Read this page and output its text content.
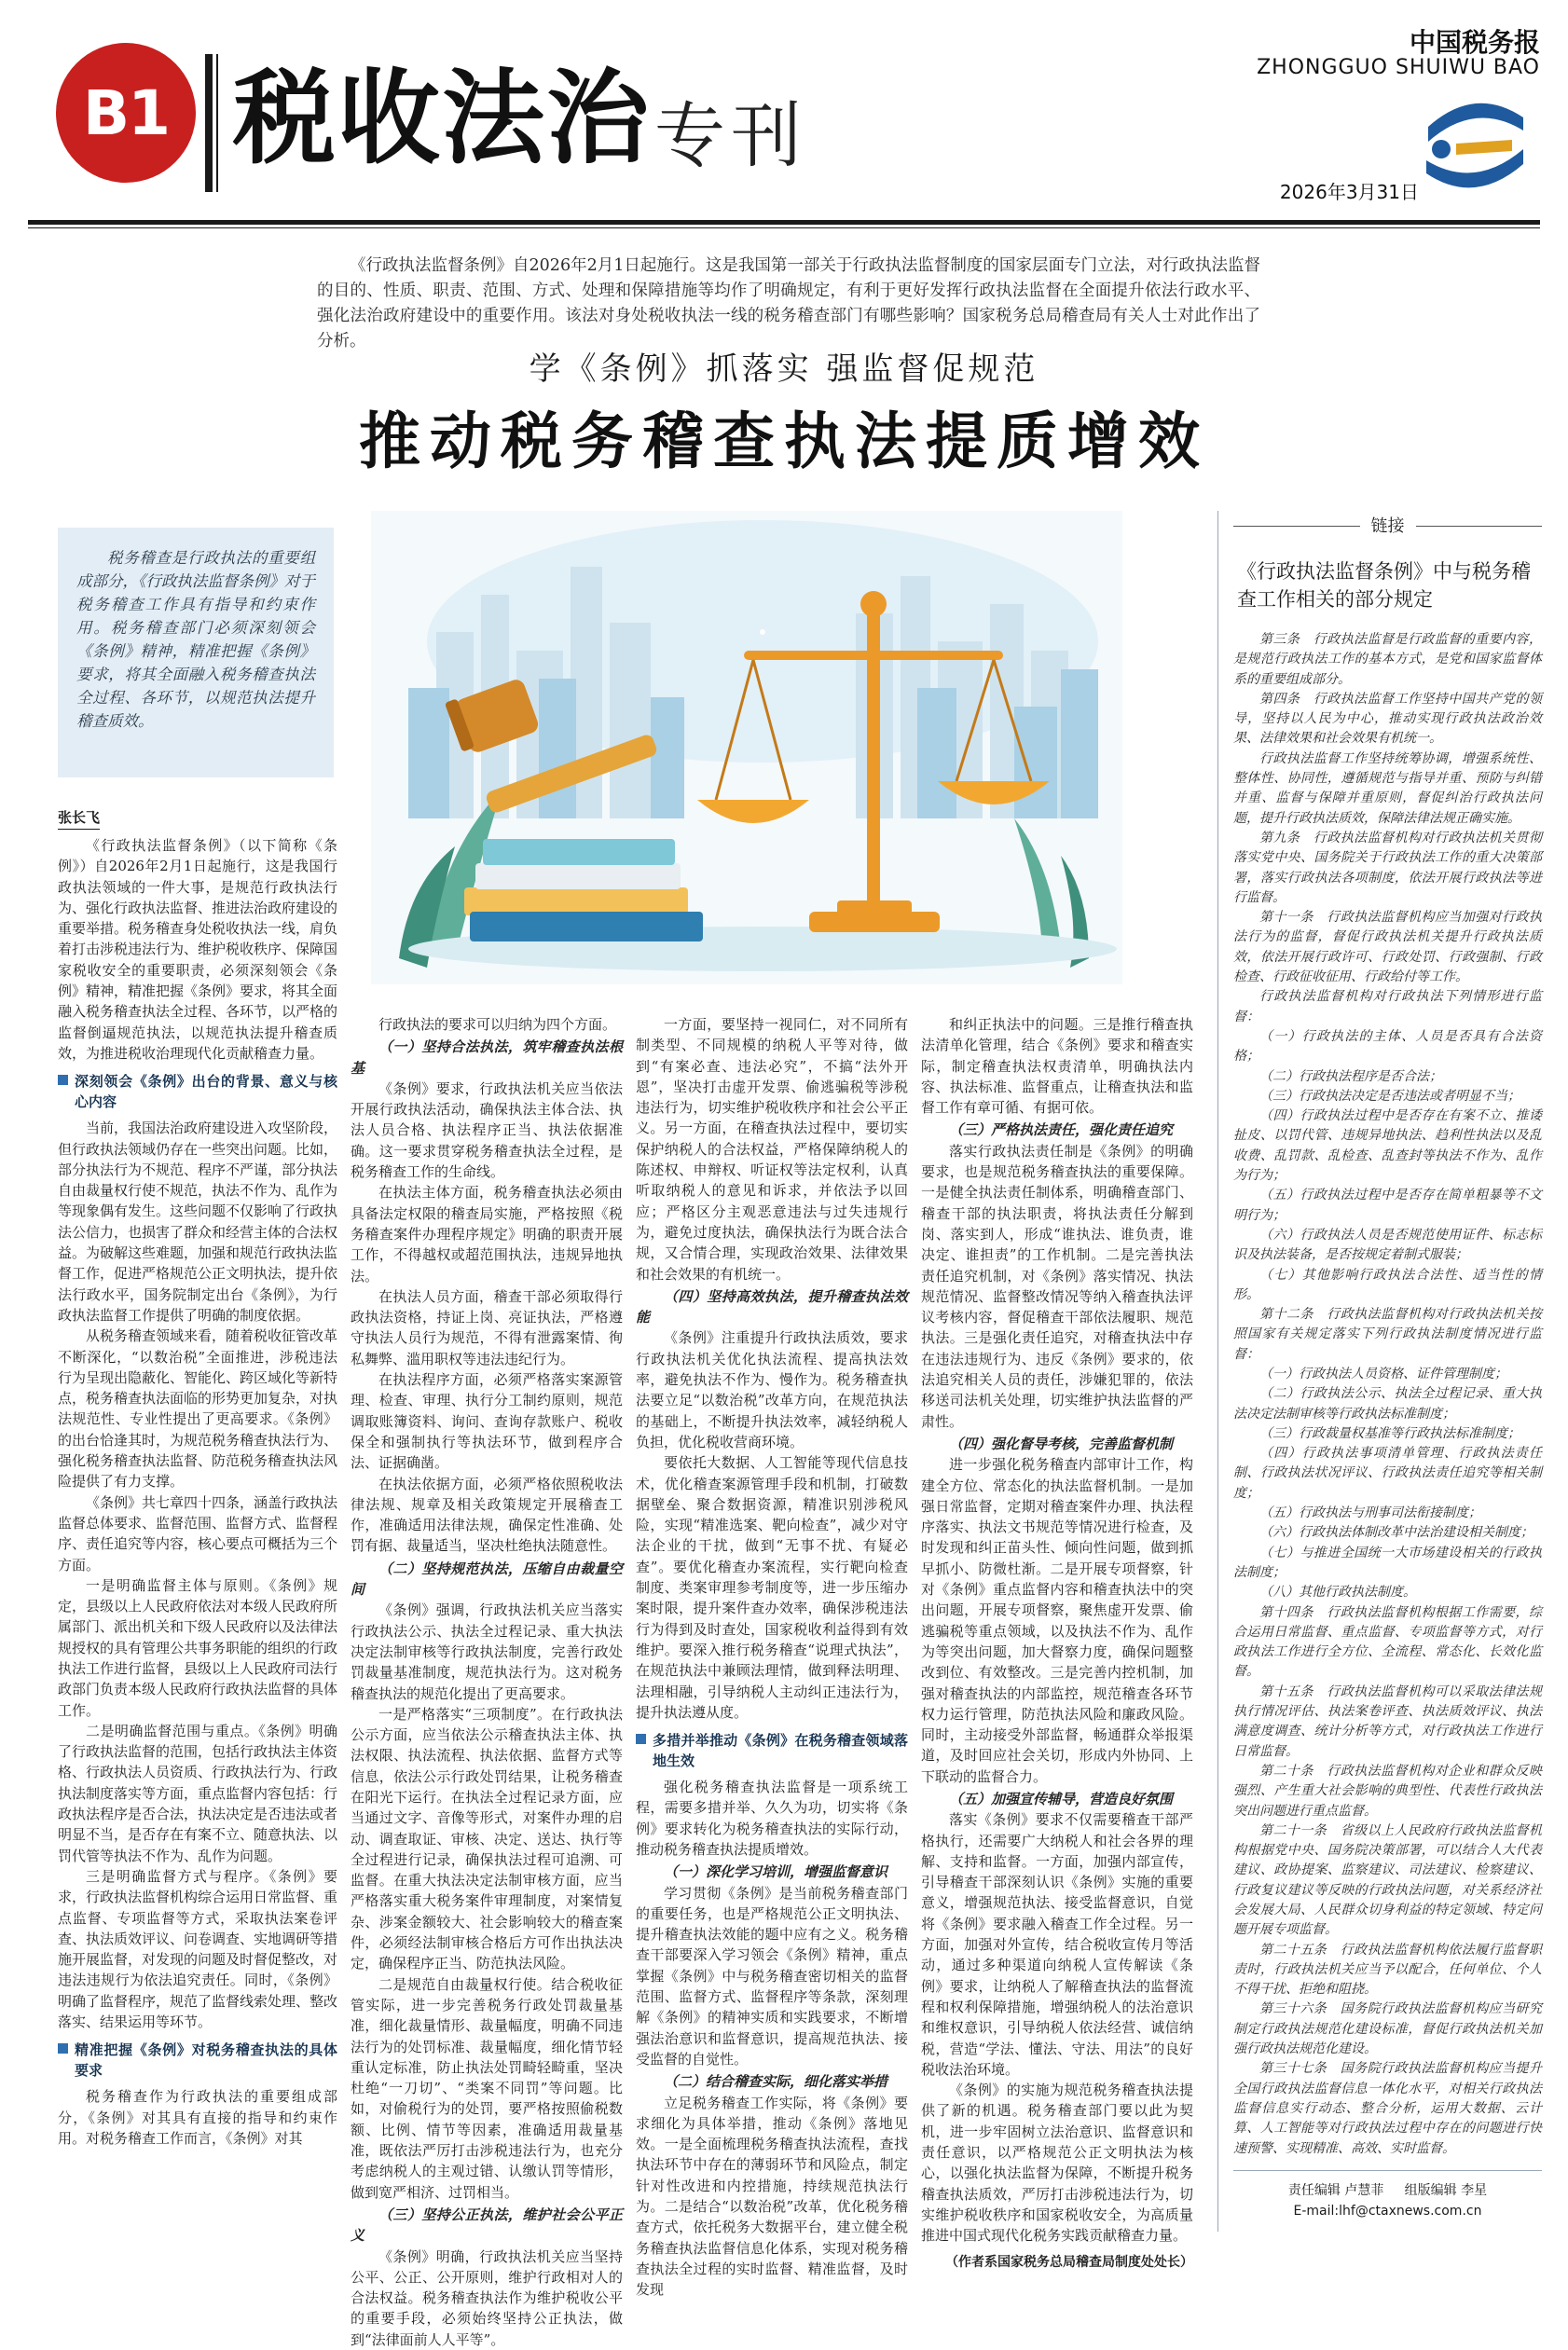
B1 税收法治 专刊
中国税务报
ZHONGGUO SHUIWU BAO
2026年3月31日
《行政执法监督条例》自2026年2月1日起施行。这是我国第一部关于行政执法监督制度的国家层面专门立法，对行政执法监督的目的、性质、职责、范围、方式、处理和保障措施等均作了明确规定，有利于更好发挥行政执法监督在全面提升依法行政水平、强化法治政府建设中的重要作用。该法对身处税收执法一线的税务稽查部门有哪些影响？国家税务总局稽查局有关人士对此作出了分析。
学《条例》抓落实 强监督促规范
推动税务稽查执法提质增效
税务稽查是行政执法的重要组成部分，《行政执法监督条例》对于税务稽查工作具有指导和约束作用。税务稽查部门必须深刻领会《条例》精神，精准把握《条例》要求，将其全面融入税务稽查执法全过程、各环节，以规范执法提升稽查质效。
张长飞

《行政执法监督条例》（以下简称《条例》）自2026年2月1日起施行，这是我国行政执法领域的一件大事，是规范行政执法行为、强化行政执法监督、推进法治政府建设的重要举措。税务稽查身处税收执法一线，肩负着打击涉税违法行为、维护税收秩序、保障国家税收安全的重要职责，必须深刻领会《条例》精神，精准把握《条例》要求，将其全面融入税务稽查执法全过程、各环节，以严格的监督倒逼规范执法，以规范执法提升稽查质效，为推进税收治理现代化贡献稽查力量。

深刻领会《条例》出台的背景、意义与核心内容

当前，我国法治政府建设进入攻坚阶段，但行政执法领域仍存在一些突出问题。比如，部分执法行为不规范、程序不严谨，部分执法自由裁量权行使不规范，执法不作为、乱作为等现象偶有发生。这些问题不仅影响了行政执法公信力，也损害了群众和经营主体的合法权益。为破解这些难题，加强和规范行政执法监督工作，促进严格规范公正文明执法，提升依法行政水平，国务院制定出台《条例》，为行政执法监督工作提供了明确的制度依据。

从税务稽查领域来看，随着税收征管改革不断深化，“以数治税”全面推进，涉税违法行为呈现出隐蔽化、智能化、跨区域化等新特点，税务稽查执法面临的形势更加复杂，对执法规范性、专业性提出了更高要求。《条例》的出台恰逢其时，为规范税务稽查执法行为、强化税务稽查执法监督、防范税务稽查执法风险提供了有力支撑。

《条例》共七章四十四条，涵盖行政执法监督总体要求、监督范围、监督方式、监督程序、责任追究等内容，核心要点可概括为三个方面。

一是明确监督主体与原则。《条例》规定，县级以上人民政府依法对本级人民政府所属部门、派出机关和下级人民政府以及法律法规授权的具有管理公共事务职能的组织的行政执法工作进行监督，县级以上人民政府司法行政部门负责本级人民政府行政执法监督的具体工作。

二是明确监督范围与重点。《条例》明确了行政执法监督的范围，包括行政执法主体资格、行政执法人员资质、行政执法行为、行政执法制度落实等方面，重点监督内容包括：行政执法程序是否合法，执法决定是否违法或者明显不当，是否存在有案不立、随意执法、以罚代管等执法不作为、乱作为问题。

三是明确监督方式与程序。《条例》要求，行政执法监督机构综合运用日常监督、重点监督、专项监督等方式，采取执法案卷评查、执法质效评议、问卷调查、实地调研等措施开展监督，对发现的问题及时督促整改，对违法违规行为依法追究责任。同时，《条例》明确了监督程序，规范了监督线索处理、整改落实、结果运用等环节。

精准把握《条例》对税务稽查执法的具体要求

税务稽查作为行政执法的重要组成部分，《条例》对其具有直接的指导和约束作用。对税务稽查工作而言，《条例》对其

行政执法的要求可以归纳为四个方面。

（一）坚持合法执法，筑牢稽查执法根基

《条例》要求，行政执法机关应当依法开展行政执法活动，确保执法主体合法、执法人员合格、执法程序正当、执法依据准确。这一要求贯穿税务稽查执法全过程，是税务稽查工作的生命线。

在执法主体方面，税务稽查执法必须由具备法定权限的稽查局实施，严格按照《税务稽查案件办理程序规定》明确的职责开展工作，不得越权或超范围执法，违规异地执法。

在执法人员方面，稽查干部必须取得行政执法资格，持证上岗、亮证执法，严格遵守执法人员行为规范，不得有泄露案情、徇私舞弊、滥用职权等违法违纪行为。

在执法程序方面，必须严格落实案源管理、检查、审理、执行分工制约原则，规范调取账簿资料、询问、查询存款账户、税收保全和强制执行等执法环节，做到程序合法、证据确凿。

在执法依据方面，必须严格依照税收法律法规、规章及相关政策规定开展稽查工作，准确适用法律法规，确保定性准确、处罚有据、裁量适当，坚决杜绝执法随意性。

（二）坚持规范执法，压缩自由裁量空间

《条例》强调，行政执法机关应当落实行政执法公示、执法全过程记录、重大执法决定法制审核等行政执法制度，完善行政处罚裁量基准制度，规范执法行为。这对税务稽查执法的规范化提出了更高要求。

一是严格落实“三项制度”。在行政执法公示方面，应当依法公示稽查执法主体、执法权限、执法流程、执法依据、监督方式等信息，依法公示行政处罚结果，让税务稽查在阳光下运行。在执法全过程记录方面，应当通过文字、音像等形式，对案件办理的启动、调查取证、审核、决定、送达、执行等全过程进行记录，确保执法过程可追溯、可监督。在重大执法决定法制审核方面，应当严格落实重大税务案件审理制度，对案情复杂、涉案金额较大、社会影响较大的稽查案件，必须经法制审核合格后方可作出执法决定，确保程序正当、防范执法风险。

二是规范自由裁量权行使。结合税收征管实际，进一步完善税务行政处罚裁量基准，细化裁量情形、裁量幅度，明确不同违法行为的处罚标准、裁量幅度，细化情节轻重认定标准，防止执法处罚畸轻畸重，坚决杜绝“一刀切”、“类案不同罚”等问题。比如，对偷税行为的处罚，要严格按照偷税数额、比例、情节等因素，准确适用裁量基准，既依法严厉打击涉税违法行为，也充分考虑纳税人的主观过错、认缴认罚等情形，做到宽严相济、过罚相当。

（三）坚持公正执法，维护社会公平正义

《条例》明确，行政执法机关应当坚持公平、公正、公开原则，维护行政相对人的合法权益。税务稽查执法作为维护税收公平的重要手段，必须始终坚持公正执法，做到“法律面前人人平等”。

一方面，要坚持一视同仁，对不同所有制类型、不同规模的纳税人平等对待，做到“有案必查、违法必究”，不搞“法外开恩”，坚决打击虚开发票、偷逃骗税等涉税违法行为，切实维护税收秩序和社会公平正义。另一方面，在稽查执法过程中，要切实保护纳税人的合法权益，严格保障纳税人的陈述权、申辩权、听证权等法定权利，认真听取纳税人的意见和诉求，并依法予以回应；严格区分主观恶意违法与过失违规行为，避免过度执法，确保执法行为既合法合规，又合情合理，实现政治效果、法律效果和社会效果的有机统一。

（四）坚持高效执法，提升稽查执法效能

《条例》注重提升行政执法质效，要求行政执法机关优化执法流程、提高执法效率，避免执法不作为、慢作为。税务稽查执法要立足“以数治税”改革方向，在规范执法的基础上，不断提升执法效率，减轻纳税人负担，优化税收营商环境。

要依托大数据、人工智能等现代信息技术，优化稽查案源管理手段和机制，打破数据壁垒、聚合数据资源，精准识别涉税风险，实现“精准选案、靶向检查”，减少对守法企业的干扰，做到“无事不扰、有疑必查”。要优化稽查办案流程，实行靶向检查制度、类案审理参考制度等，进一步压缩办案时限，提升案件查办效率，确保涉税违法行为得到及时查处，国家税收利益得到有效维护。要深入推行税务稽查“说理式执法”，在规范执法中兼顾法理情，做到释法明理、法理相融，引导纳税人主动纠正违法行为，提升执法遵从度。

多措并举推动《条例》在税务稽查领域落地生效

强化税务稽查执法监督是一项系统工程，需要多措并举、久久为功，切实将《条例》要求转化为税务稽查执法的实际行动，推动税务稽查执法提质增效。

（一）深化学习培训，增强监督意识

学习贯彻《条例》是当前税务稽查部门的重要任务，也是严格规范公正文明执法、提升稽查执法效能的题中应有之义。税务稽查干部要深入学习领会《条例》精神，重点掌握《条例》中与税务稽查密切相关的监督范围、监督方式、监督程序等条款，深刻理解《条例》的精神实质和实践要求，不断增强法治意识和监督意识，提高规范执法、接受监督的自觉性。

（二）结合稽查实际，细化落实举措

立足税务稽查工作实际，将《条例》要求细化为具体举措，推动《条例》落地见效。一是全面梳理税务稽查执法流程，查找执法环节中存在的薄弱环节和风险点，制定针对性改进和内控措施，持续规范执法行为。二是结合“以数治税”改革，优化税务稽查方式，依托税务大数据平台，建立健全税务稽查执法监督信息化体系，实现对税务稽查执法全过程的实时监督、精准监督，及时发现

和纠正执法中的问题。三是推行稽查执法清单化管理，结合《条例》要求和稽查实际，制定稽查执法权责清单，明确执法内容、执法标准、监督重点，让稽查执法和监督工作有章可循、有据可依。

（三）严格执法责任，强化责任追究

落实行政执法责任制是《条例》的明确要求，也是规范税务稽查执法的重要保障。一是健全执法责任制体系，明确稽查部门、稽查干部的执法职责，将执法责任分解到岗、落实到人，形成“谁执法、谁负责，谁决定、谁担责”的工作机制。二是完善执法责任追究机制，对《条例》落实情况、执法规范情况、监督整改情况等纳入稽查执法评议考核内容，督促稽查干部依法履职、规范执法。三是强化责任追究，对稽查执法中存在违法违规行为、违反《条例》要求的，依法追究相关人员的责任，涉嫌犯罪的，依法移送司法机关处理，切实维护执法监督的严肃性。

（四）强化督导考核，完善监督机制

进一步强化税务稽查内部审计工作，构建全方位、常态化的执法监督机制。一是加强日常监督，定期对稽查案件办理、执法程序落实、执法文书规范等情况进行检查，及时发现和纠正苗头性、倾向性问题，做到抓早抓小、防微杜渐。二是开展专项督察，针对《条例》重点监督内容和稽查执法中的突出问题，开展专项督察，聚焦虚开发票、偷逃骗税等重点领域，以及执法不作为、乱作为等突出问题，加大督察力度，确保问题整改到位、有效整改。三是完善内控机制，加强对稽查执法的内部监控，规范稽查各环节权力运行管理，防范执法风险和廉政风险。同时，主动接受外部监督，畅通群众举报渠道，及时回应社会关切，形成内外协同、上下联动的监督合力。

（五）加强宣传辅导，营造良好氛围

落实《条例》要求不仅需要稽查干部严格执行，还需要广大纳税人和社会各界的理解、支持和监督。一方面，加强内部宣传，引导稽查干部深刻认识《条例》实施的重要意义，增强规范执法、接受监督意识，自觉将《条例》要求融入稽查工作全过程。另一方面，加强对外宣传，结合税收宣传月等活动，通过多种渠道向纳税人宣传解读《条例》要求，让纳税人了解稽查执法的监督流程和权利保障措施，增强纳税人的法治意识和维权意识，引导纳税人依法经营、诚信纳税，营造“学法、懂法、守法、用法”的良好税收法治环境。

《条例》的实施为规范税务稽查执法提供了新的机遇。税务稽查部门要以此为契机，进一步牢固树立法治意识、监督意识和责任意识，以严格规范公正文明执法为核心，以强化执法监督为保障，不断提升税务稽查执法质效，严厉打击涉税违法行为，切实维护税收秩序和国家税收安全，为高质量推进中国式现代化税务实践贡献稽查力量。

（作者系国家税务总局稽查局制度处处长）

链接
《行政执法监督条例》中与税务稽查工作相关的部分规定

第三条　行政执法监督是行政监督的重要内容，是规范行政执法工作的基本方式，是党和国家监督体系的重要组成部分。

第四条　行政执法监督工作坚持中国共产党的领导，坚持以人民为中心，推动实现行政执法政治效果、法律效果和社会效果有机统一。

行政执法监督工作坚持统筹协调，增强系统性、整体性、协同性，遵循规范与指导并重、预防与纠错并重、监督与保障并重原则，督促纠治行政执法问题，提升行政执法质效，保障法律法规正确实施。

第九条　行政执法监督机构对行政执法机关贯彻落实党中央、国务院关于行政执法工作的重大决策部署，落实行政执法各项制度，依法开展行政执法等进行监督。

第十一条　行政执法监督机构应当加强对行政执法行为的监督，督促行政执法机关提升行政执法质效，依法开展行政许可、行政处罚、行政强制、行政检查、行政征收征用、行政给付等工作。

行政执法监督机构对行政执法下列情形进行监督：

（一）行政执法的主体、人员是否具有合法资格；

（二）行政执法程序是否合法；

（三）行政执法决定是否违法或者明显不当；

（四）行政执法过程中是否存在有案不立、推诿扯皮、以罚代管、违规异地执法、趋利性执法以及乱收费、乱罚款、乱检查、乱查封等执法不作为、乱作为行为；

（五）行政执法过程中是否存在简单粗暴等不文明行为；

（六）行政执法人员是否规范使用证件、标志标识及执法装备，是否按规定着制式服装；

（七）其他影响行政执法合法性、适当性的情形。

第十二条　行政执法监督机构对行政执法机关按照国家有关规定落实下列行政执法制度情况进行监督：

（一）行政执法人员资格、证件管理制度；

（二）行政执法公示、执法全过程记录、重大执法决定法制审核等行政执法标准制度；

（三）行政裁量权基准等行政执法标准制度；

（四）行政执法事项清单管理、行政执法责任制、行政执法状况评议、行政执法责任追究等相关制度；

（五）行政执法与刑事司法衔接制度；

（六）行政执法体制改革中法治建设相关制度；

（七）与推进全国统一大市场建设相关的行政执法制度；

（八）其他行政执法制度。

第十四条　行政执法监督机构根据工作需要，综合运用日常监督、重点监督、专项监督等方式，对行政执法工作进行全方位、全流程、常态化、长效化监督。

第十五条　行政执法监督机构可以采取法律法规执行情况评估、执法案卷评查、执法质效评议、执法满意度调查、统计分析等方式，对行政执法工作进行日常监督。

第二十条　行政执法监督机构对企业和群众反映强烈、产生重大社会影响的典型性、代表性行政执法突出问题进行重点监督。

第二十一条　省级以上人民政府行政执法监督机构根据党中央、国务院决策部署，可以结合人大代表建议、政协提案、监察建议、司法建议、检察建议、行政复议建议等反映的行政执法问题，对关系经济社会发展大局、人民群众切身利益的特定领域、特定问题开展专项监督。

第二十五条　行政执法监督机构依法履行监督职责时，行政执法机关应当予以配合，任何单位、个人不得干扰、拒绝和阻挠。

第三十六条　国务院行政执法监督机构应当研究制定行政执法规范化建设标准，督促行政执法机关加强行政执法规范化建设。

第三十七条　国务院行政执法监督机构应当提升全国行政执法监督信息一体化水平，对相关行政执法监督信息实行动态、整合分析，运用大数据、云计算、人工智能等对行政执法过程中存在的问题进行快速预警、实现精准、高效、实时监督。

责任编辑 卢慧菲 组版编辑 李星
E-mail:lhf@ctaxnews.com.cn
